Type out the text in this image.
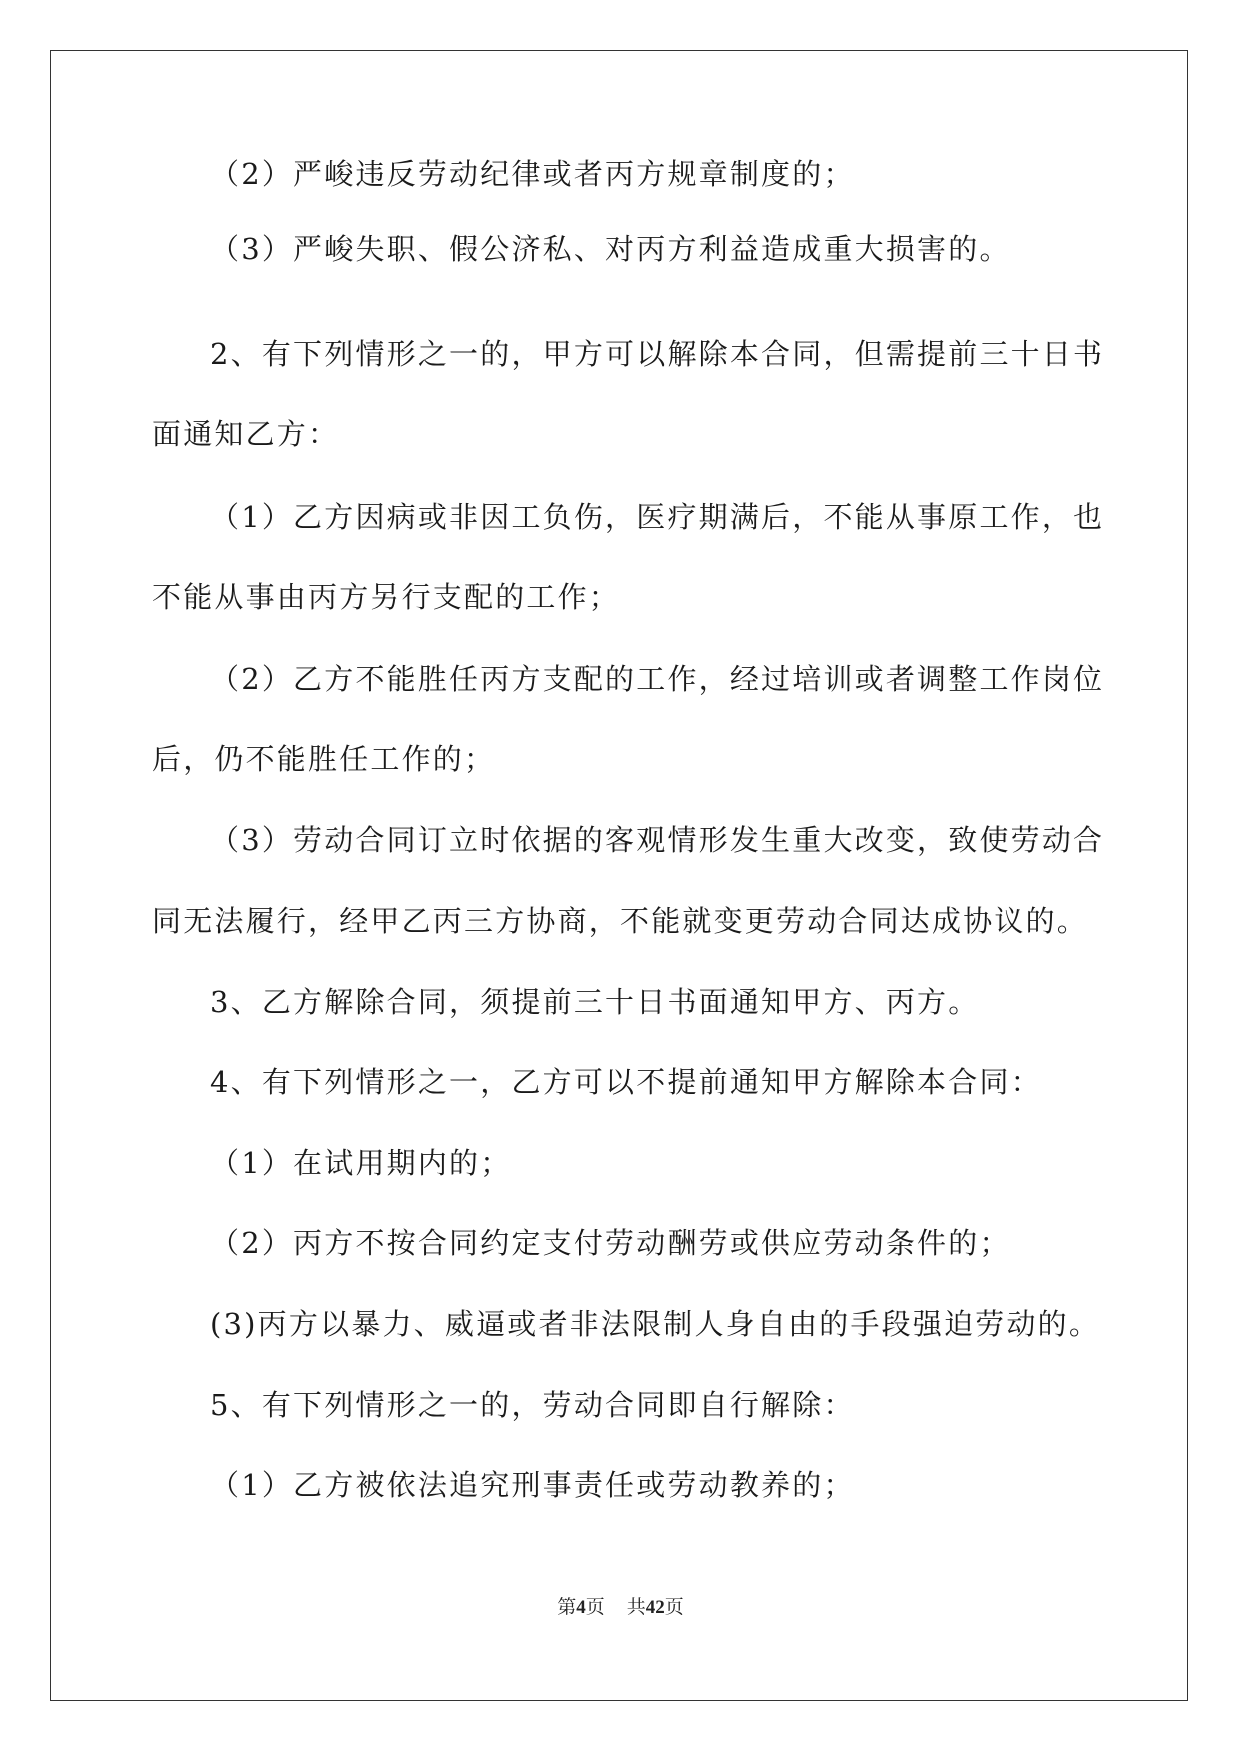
（2）严峻违反劳动纪律或者丙方规章制度的；
（3）严峻失职、假公济私、对丙方利益造成重大损害的。
2、有下列情形之一的，甲方可以解除本合同，但需提前三十日书
面通知乙方：
（1）乙方因病或非因工负伤，医疗期满后，不能从事原工作，也
不能从事由丙方另行支配的工作；
（2）乙方不能胜任丙方支配的工作，经过培训或者调整工作岗位
后，仍不能胜任工作的；
（3）劳动合同订立时依据的客观情形发生重大改变，致使劳动合
同无法履行，经甲乙丙三方协商，不能就变更劳动合同达成协议的。
3、乙方解除合同，须提前三十日书面通知甲方、丙方。
4、有下列情形之一，乙方可以不提前通知甲方解除本合同：
（1）在试用期内的；
（2）丙方不按合同约定支付劳动酬劳或供应劳动条件的；
(3)丙方以暴力、威逼或者非法限制人身自由的手段强迫劳动的。
5、有下列情形之一的，劳动合同即自行解除：
（1）乙方被依法追究刑事责任或劳动教养的；
第4页 共42页
